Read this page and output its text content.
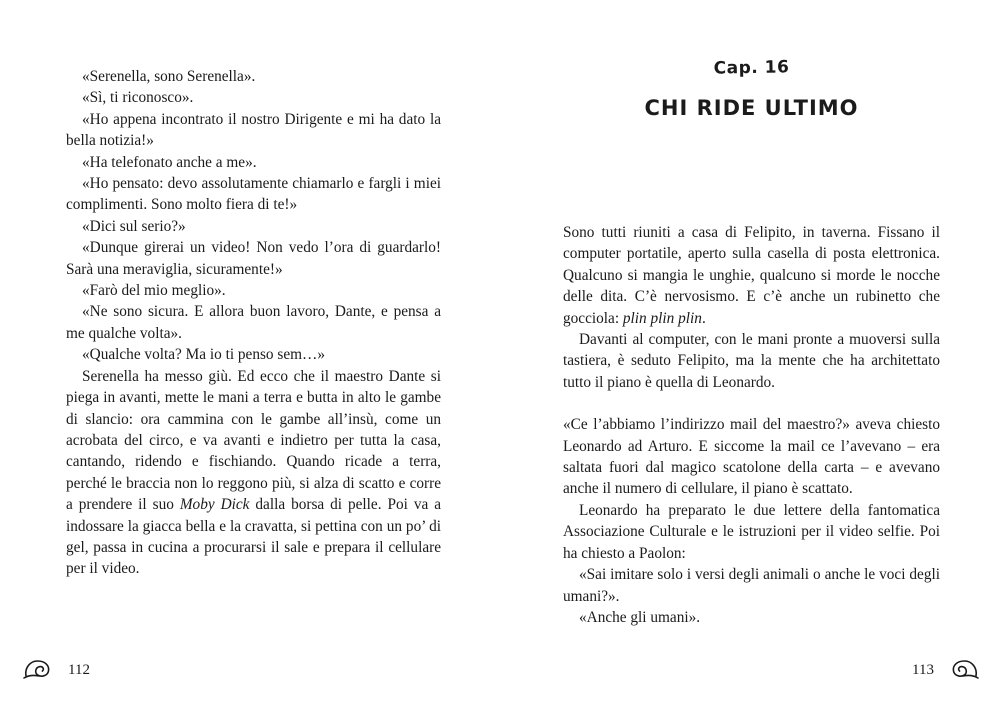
«Serenella, sono Serenella».

«Sì, ti riconosco».

«Ho appena incontrato il nostro Dirigente e mi ha dato la bella notizia!»

«Ha telefonato anche a me».

«Ho pensato: devo assolutamente chiamarlo e fargli i miei complimenti. Sono molto fiera di te!»

«Dici sul serio?»

«Dunque girerai un video! Non vedo l’ora di guardarlo! Sarà una meraviglia, sicuramente!»

«Farò del mio meglio».

«Ne sono sicura. E allora buon lavoro, Dante, e pensa a me qualche volta».

«Qualche volta? Ma io ti penso sem…»

Serenella ha messo giù. Ed ecco che il maestro Dante si piega in avanti, mette le mani a terra e butta in alto le gambe di slancio: ora cammina con le gambe all’insù, come un acrobata del circo, e va avanti e indietro per tutta la casa, cantando, ridendo e fischiando. Quando ricade a terra, perché le braccia non lo reggono più, si alza di scatto e corre a prendere il suo Moby Dick dalla borsa di pelle. Poi va a indossare la giacca bella e la cravatta, si pettina con un po’ di gel, passa in cucina a procurarsi il sale e prepara il cellulare per il video.

Cap. 16
CHI RIDE ULTIMO

Sono tutti riuniti a casa di Felipito, in taverna. Fissano il computer portatile, aperto sulla casella di posta elettronica. Qualcuno si mangia le unghie, qualcuno si morde le nocche delle dita. C’è nervosismo. E c’è anche un rubinetto che gocciola: plin plin plin.

Davanti al computer, con le mani pronte a muoversi sulla tastiera, è seduto Felipito, ma la mente che ha architettato tutto il piano è quella di Leonardo.

«Ce l’abbiamo l’indirizzo mail del maestro?» aveva chiesto Leonardo ad Arturo. E siccome la mail ce l’avevano – era saltata fuori dal magico scatolone della carta – e avevano anche il numero di cellulare, il piano è scattato.

Leonardo ha preparato le due lettere della fantomatica Associazione Culturale e le istruzioni per il video selfie. Poi ha chiesto a Paolon:

«Sai imitare solo i versi degli animali o anche le voci degli umani?».

«Anche gli umani».

112	113
